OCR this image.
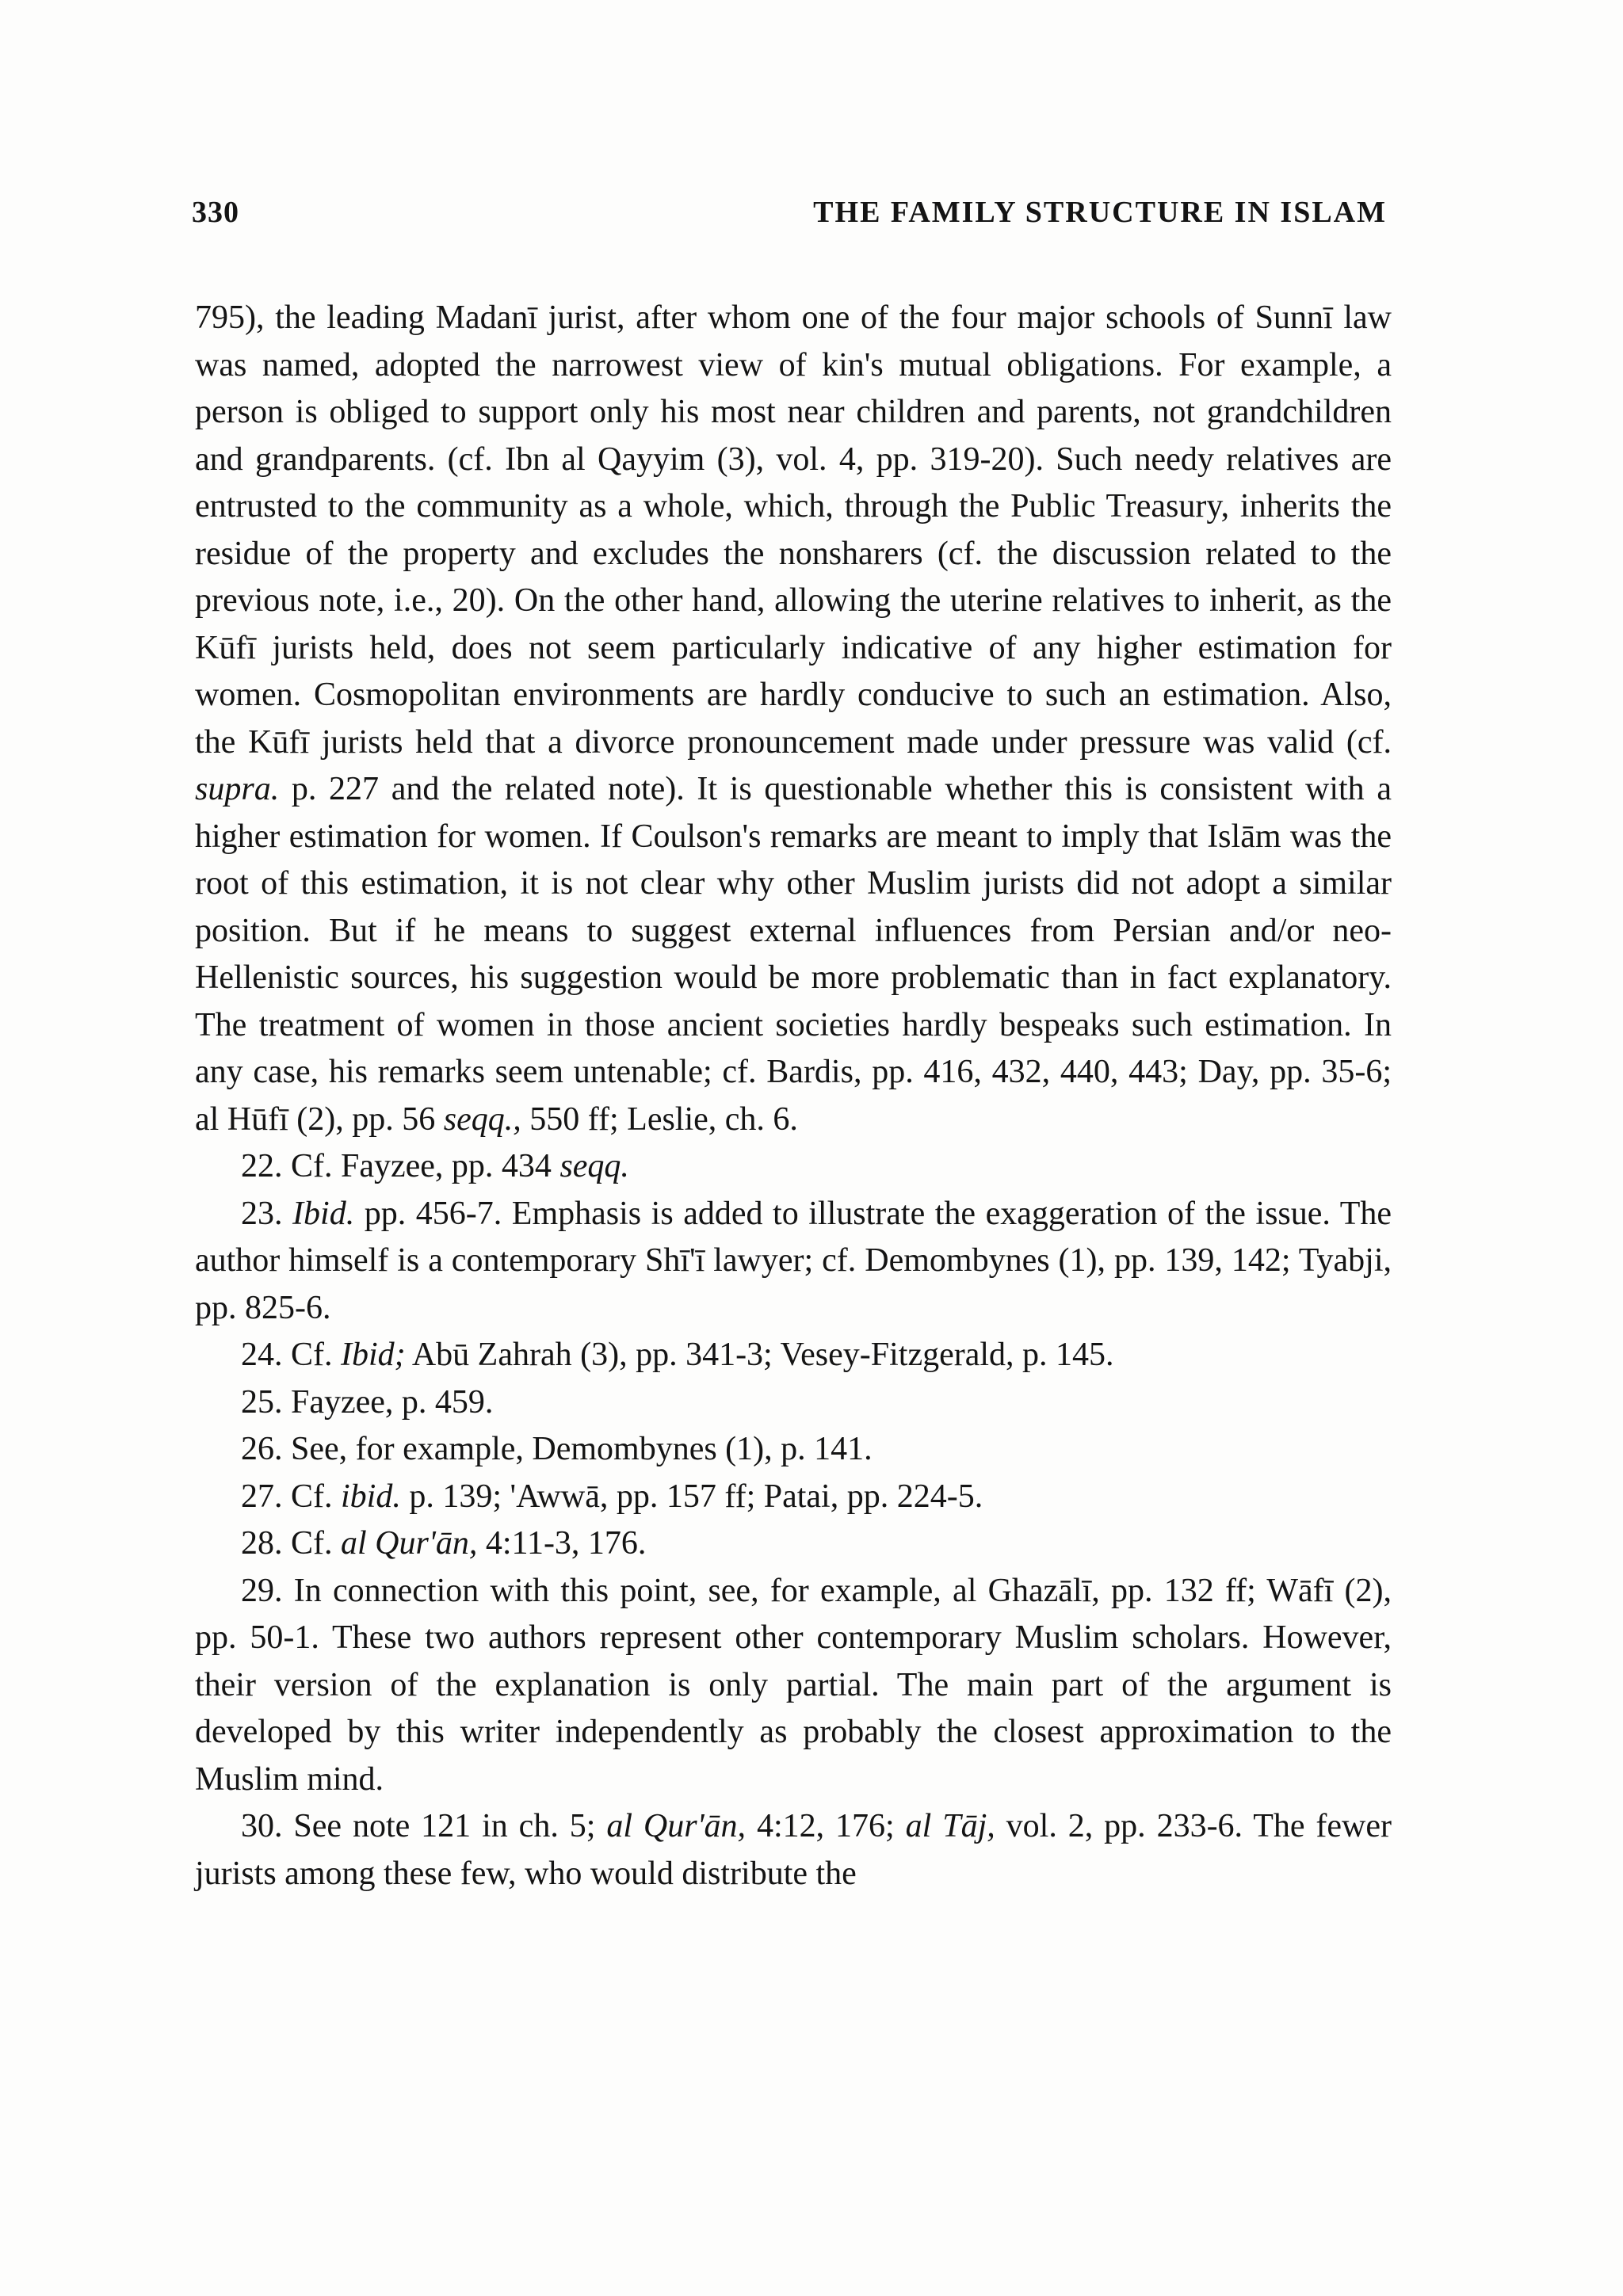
330	THE FAMILY STRUCTURE IN ISLAM

795), the leading Madanī jurist, after whom one of the four major schools of Sunnī law was named, adopted the narrowest view of kin's mutual obligations. For example, a person is obliged to support only his most near children and parents, not grandchildren and grandparents. (cf. Ibn al Qayyim (3), vol. 4, pp. 319-20). Such needy relatives are entrusted to the community as a whole, which, through the Public Treasury, inherits the residue of the property and excludes the nonsharers (cf. the discussion related to the previous note, i.e., 20). On the other hand, allowing the uterine relatives to inherit, as the Kūfī jurists held, does not seem particularly indicative of any higher estimation for women. Cosmopolitan environments are hardly conducive to such an estimation. Also, the Kūfī jurists held that a divorce pronouncement made under pressure was valid (cf. supra. p. 227 and the related note). It is questionable whether this is consistent with a higher estimation for women. If Coulson's remarks are meant to imply that Islām was the root of this estimation, it is not clear why other Muslim jurists did not adopt a similar position. But if he means to suggest external influences from Persian and/or neo-Hellenistic sources, his suggestion would be more problematic than in fact explanatory. The treatment of women in those ancient societies hardly bespeaks such estimation. In any case, his remarks seem untenable; cf. Bardis, pp. 416, 432, 440, 443; Day, pp. 35-6; al Hūfī (2), pp. 56 seqq., 550 ff; Leslie, ch. 6.

22. Cf. Fayzee, pp. 434 seqq.

23. Ibid. pp. 456-7. Emphasis is added to illustrate the exaggeration of the issue. The author himself is a contemporary Shī'ī lawyer; cf. Demombynes (1), pp. 139, 142; Tyabji, pp. 825-6.

24. Cf. Ibid; Abū Zahrah (3), pp. 341-3; Vesey-Fitzgerald, p. 145.

25. Fayzee, p. 459.

26. See, for example, Demombynes (1), p. 141.

27. Cf. ibid. p. 139; 'Awwā, pp. 157 ff; Patai, pp. 224-5.

28. Cf. al Qur'ān, 4:11-3, 176.

29. In connection with this point, see, for example, al Ghazālī, pp. 132 ff; Wāfī (2), pp. 50-1. These two authors represent other contemporary Muslim scholars. However, their version of the explanation is only partial. The main part of the argument is developed by this writer independently as probably the closest approximation to the Muslim mind.

30. See note 121 in ch. 5; al Qur'ān, 4:12, 176; al Tāj, vol. 2, pp. 233-6. The fewer jurists among these few, who would distribute the
